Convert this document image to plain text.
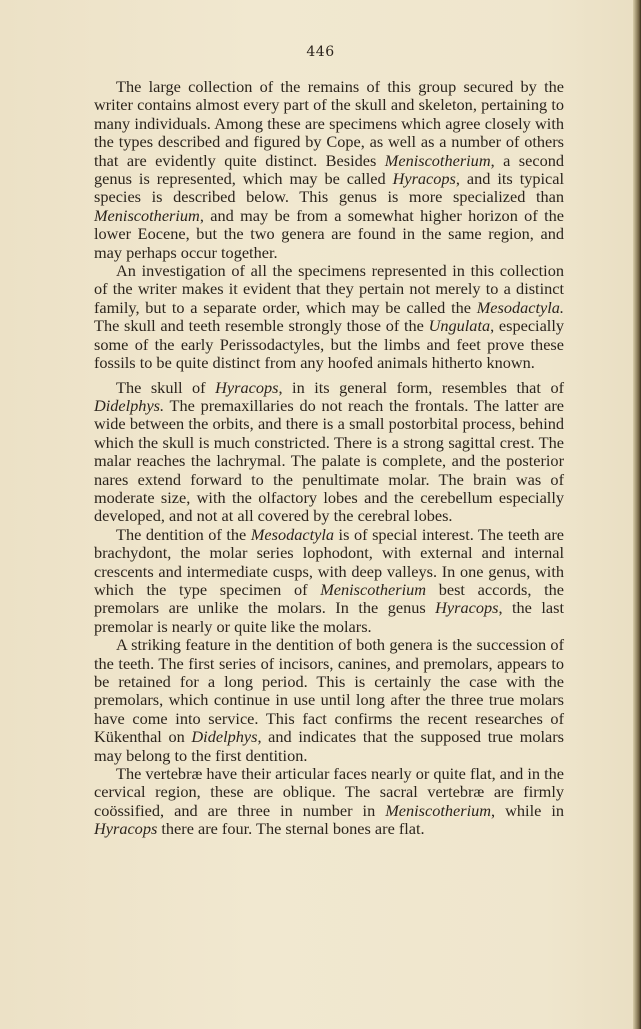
446

The large collection of the remains of this group secured by the writer contains almost every part of the skull and skeleton, pertaining to many individuals. Among these are specimens which agree closely with the types described and figured by Cope, as well as a number of others that are evidently quite distinct. Besides Meniscotherium, a second genus is represented, which may be called Hyracops, and its typical species is described below. This genus is more specialized than Meniscotherium, and may be from a somewhat higher horizon of the lower Eocene, but the two genera are found in the same region, and may perhaps occur together.

An investigation of all the specimens represented in this collection of the writer makes it evident that they pertain not merely to a distinct family, but to a separate order, which may be called the Mesodactyla. The skull and teeth resemble strongly those of the Ungulata, especially some of the early Perissodactyles, but the limbs and feet prove these fossils to be quite distinct from any hoofed animals hitherto known.

The skull of Hyracops, in its general form, resembles that of Didelphys. The premaxillaries do not reach the frontals. The latter are wide between the orbits, and there is a small postorbital process, behind which the skull is much constricted. There is a strong sagittal crest. The malar reaches the lachrymal. The palate is complete, and the posterior nares extend forward to the penultimate molar. The brain was of moderate size, with the olfactory lobes and the cerebellum especially developed, and not at all covered by the cerebral lobes.

The dentition of the Mesodactyla is of special interest. The teeth are brachydont, the molar series lophodont, with external and internal crescents and intermediate cusps, with deep valleys. In one genus, with which the type specimen of Meniscotherium best accords, the premolars are unlike the molars. In the genus Hyracops, the last premolar is nearly or quite like the molars.

A striking feature in the dentition of both genera is the succession of the teeth. The first series of incisors, canines, and premolars, appears to be retained for a long period. This is certainly the case with the premolars, which continue in use until long after the three true molars have come into service. This fact confirms the recent researches of Kükenthal on Didelphys, and indicates that the supposed true molars may belong to the first dentition.

The vertebræ have their articular faces nearly or quite flat, and in the cervical region, these are oblique. The sacral vertebræ are firmly coössified, and are three in number in Meniscotherium, while in Hyracops there are four. The sternal bones are flat.
